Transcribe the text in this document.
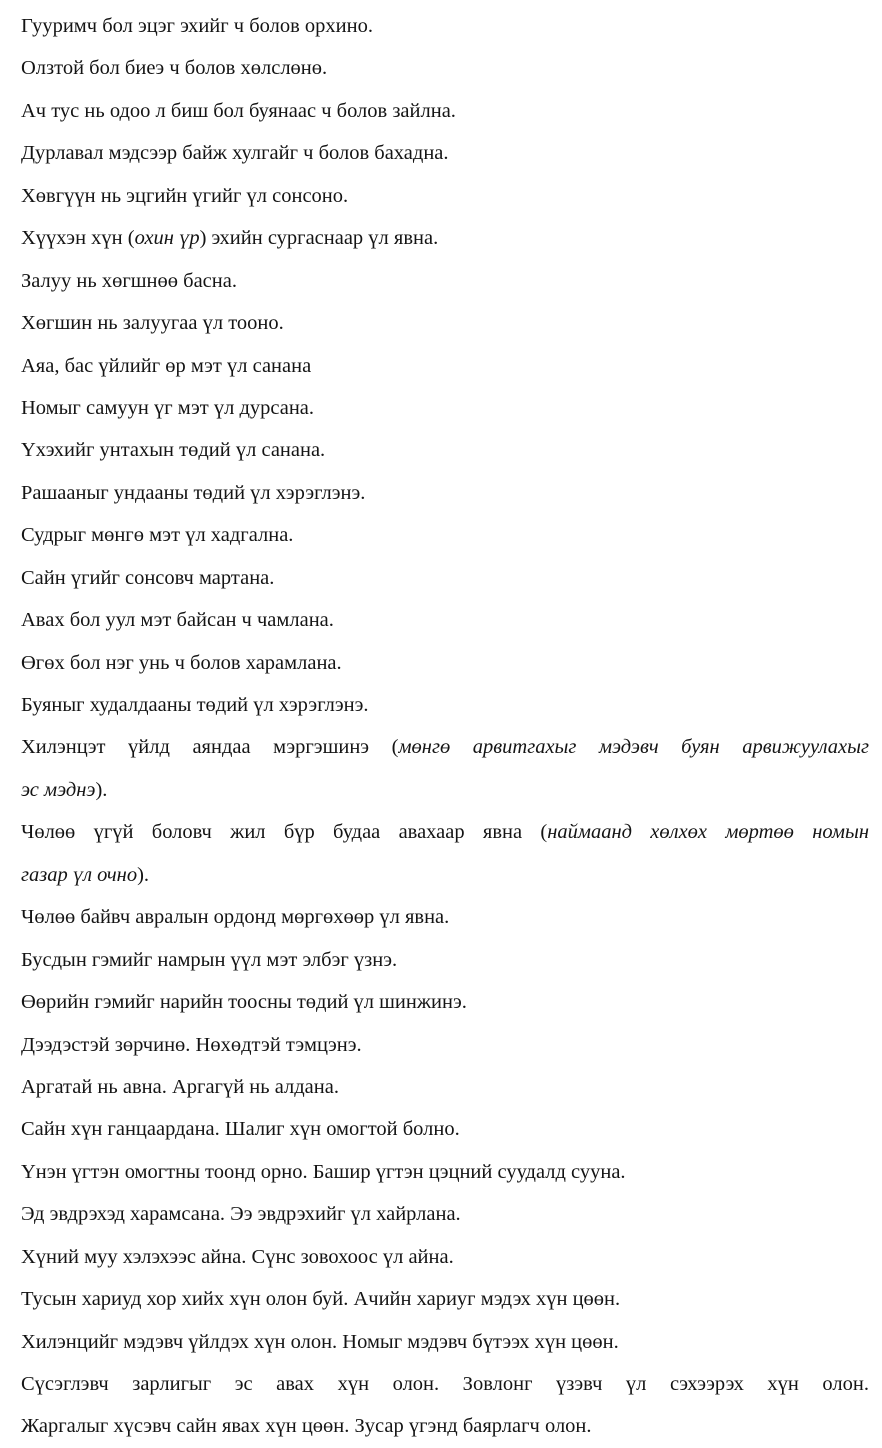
Гууримч бол эцэг эхийг ч болов орхино.

Олзтой бол биеэ ч болов хөлслөнө.

Ач тус нь одоо л биш бол буянаас ч болов зайлна.

Дурлавал мэдсээр байж хулгайг ч болов бахадна.

Хөвгүүн нь эцгийн үгийг үл сонсоно.

Хүүхэн хүн (охин үр) эхийн сургаснаар үл явна.

Залуу нь хөгшнөө басна.

Хөгшин нь залуугаа үл тооно.

Аяа, бас үйлийг өр мэт үл санана

Номыг самуун үг мэт үл дурсана.

Үхэхийг унтахын төдий үл санана.

Рашааныг ундааны төдий үл хэрэглэнэ.

Судрыг мөнгө мэт үл хадгална.

Сайн үгийг сонсовч мартана.

Авах бол уул мэт байсан ч чамлана.

Өгөх бол нэг унь ч болов харамлана.

Буяныг худалдааны төдий үл хэрэглэнэ.

Хилэнцэт үйлд аяндаа мэргэшинэ (мөнгө арвитгахыг мэдэвч буян арвижуулахыг

эс мэднэ).

Чөлөө үгүй боловч жил бүр будаа авахаар явна (наймаанд хөлхөх мөртөө номын

газар үл очно).

Чөлөө байвч авралын ордонд мөргөхөөр үл явна.

Бусдын гэмийг намрын үүл мэт элбэг үзнэ.

Өөрийн гэмийг нарийн тоосны төдий үл шинжинэ.

Дээдэстэй зөрчинө. Нөхөдтэй тэмцэнэ.

Аргатай нь авна. Аргагүй нь алдана.

Сайн хүн ганцаардана. Шалиг хүн омогтой болно.

Үнэн үгтэн омогтны тоонд орно. Башир үгтэн цэцний суудалд сууна.

Эд эвдрэхэд харамсана. Ээ эвдрэхийг үл хайрлана.

Хүний муу хэлэхээс айна. Сүнс зовохоос үл айна.

Тусын хариуд хор хийх хүн олон буй. Ачийн хариуг мэдэх хүн цөөн.

Хилэнцийг мэдэвч үйлдэх хүн олон. Номыг мэдэвч бүтээх хүн цөөн.

Сүсэглэвч зарлигыг эс авах хүн олон. Зовлонг үзэвч үл сэхээрэх хүн олон.

Жаргалыг хүсэвч сайн явах хүн цөөн. Зусар үгэнд баярлагч олон.
